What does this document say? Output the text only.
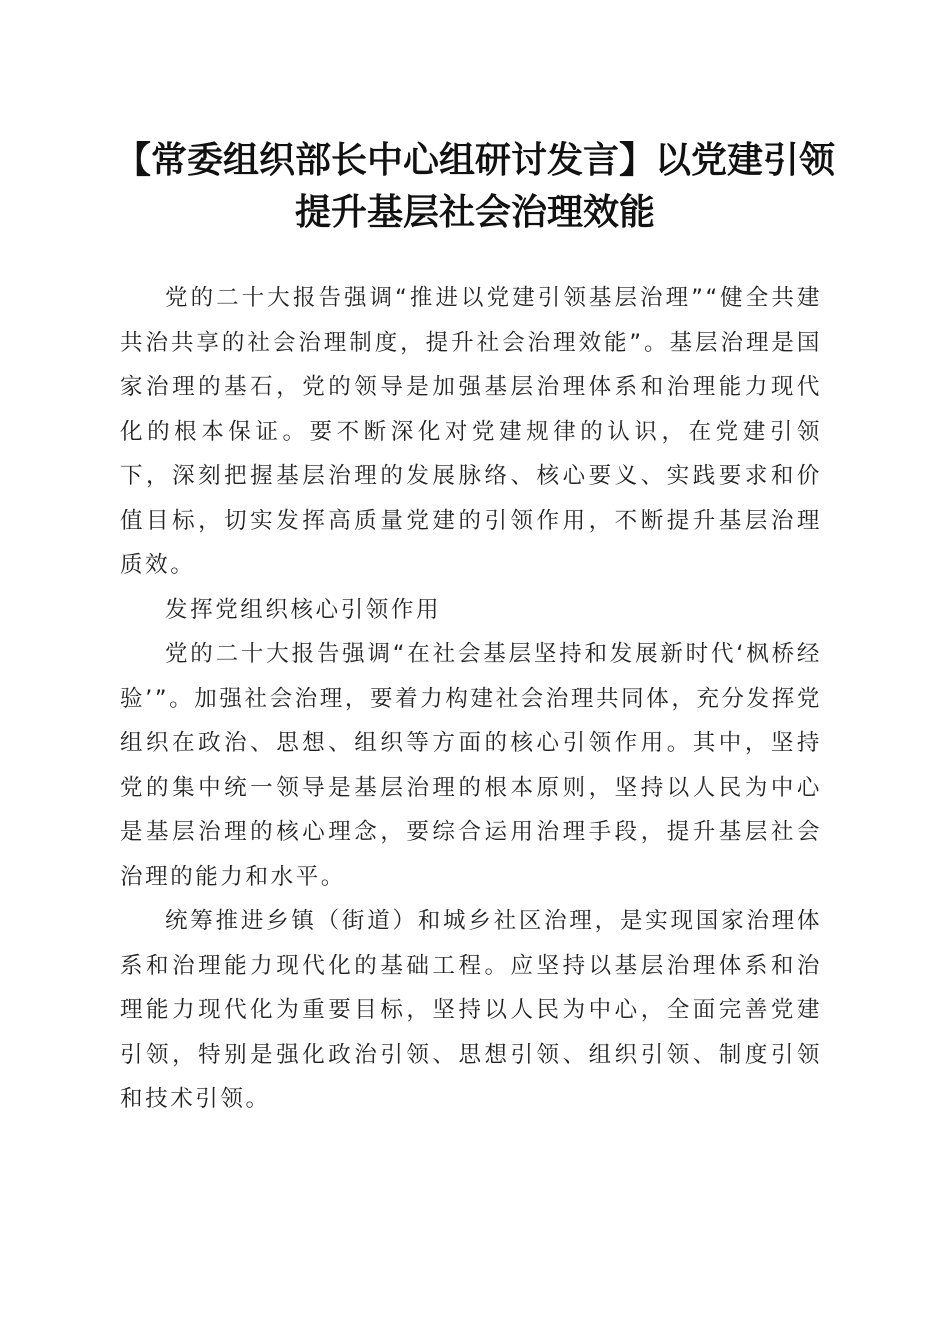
【常委组织部长中心组研讨发言】以党建引领
提升基层社会治理效能

党的二十大报告强调“推进以党建引领基层治理”“健全共建共治共享的社会治理制度，提升社会治理效能”。基层治理是国家治理的基石，党的领导是加强基层治理体系和治理能力现代化的根本保证。要不断深化对党建规律的认识，在党建引领下，深刻把握基层治理的发展脉络、核心要义、实践要求和价值目标，切实发挥高质量党建的引领作用，不断提升基层治理质效。

发挥党组织核心引领作用

党的二十大报告强调“在社会基层坚持和发展新时代‘枫桥经验’”。加强社会治理，要着力构建社会治理共同体，充分发挥党组织在政治、思想、组织等方面的核心引领作用。其中，坚持党的集中统一领导是基层治理的根本原则，坚持以人民为中心是基层治理的核心理念，要综合运用治理手段，提升基层社会治理的能力和水平。

统筹推进乡镇（街道）和城乡社区治理，是实现国家治理体系和治理能力现代化的基础工程。应坚持以基层治理体系和治理能力现代化为重要目标，坚持以人民为中心，全面完善党建引领，特别是强化政治引领、思想引领、组织引领、制度引领和技术引领。
